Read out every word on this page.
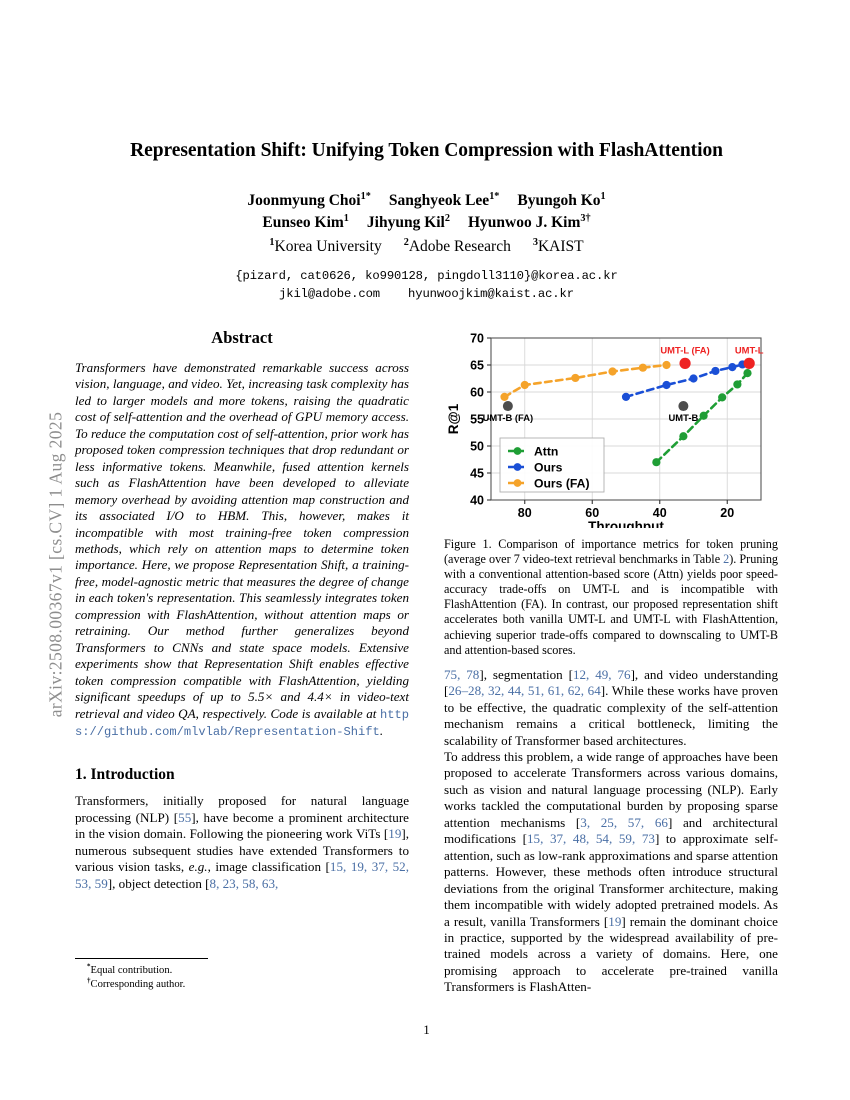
arXiv:2508.00367v1 [cs.CV] 1 Aug 2025
Representation Shift: Unifying Token Compression with FlashAttention
Joonmyung Choi$^{1*}$ Sanghyeok Lee$^{1*}$ Byungoh Ko$^1$
Eunseo Kim$^1$ Jihyung Kil$^2$ Hyunwoo J. Kim$^{3\dagger}$
$^1$Korea University $^2$Adobe Research $^3$KAIST
{pizard, cat0626, ko990128, pingdoll3110}@korea.ac.kr
jkil@adobe.com hyunwoojkim@kaist.ac.kr
Abstract

Transformers have demonstrated remarkable success across vision, language, and video. Yet, increasing task complexity has led to larger models and more tokens, raising the quadratic cost of self-attention and the overhead of GPU memory access. To reduce the computation cost of self-attention, prior work has proposed token compression techniques that drop redundant or less informative tokens. Meanwhile, fused attention kernels such as FlashAttention have been developed to alleviate memory overhead by avoiding attention map construction and its associated I/O to HBM. This, however, makes it incompatible with most training-free token compression methods, which rely on attention maps to determine token importance. Here, we propose Representation Shift, a training-free, model-agnostic metric that measures the degree of change in each token's representation. This seamlessly integrates token compression with FlashAttention, without attention maps or retraining. Our method further generalizes beyond Transformers to CNNs and state space models. Extensive experiments show that Representation Shift enables effective token compression compatible with FlashAttention, yielding significant speedups of up to 5.5× and 4.4× in video-text retrieval and video QA, respectively. Code is available at https://github.com/mlvlab/Representation-Shift.

1. Introduction

Transformers, initially proposed for natural language processing (NLP) [55], have become a prominent architecture in the vision domain. Following the pioneering work ViTs [19], numerous subsequent studies have extended Transformers to various vision tasks, e.g., image classification [15, 19, 37, 52, 53, 59], object detection [8, 23, 58, 63,

40
45
50
55
60
65
70
80	60	40	20
Throughput
R@1 UMT-B (FA)	UMT-B
UMT-L (FA)	UMT-L
Attn
Ours
Ours (FA)
Figure 1. Comparison of importance metrics for token pruning (average over 7 video-text retrieval benchmarks in Table 2). Pruning with a conventional attention-based score (Attn) yields poor speed-accuracy trade-offs on UMT-L and is incompatible with FlashAttention (FA). In contrast, our proposed representation shift accelerates both vanilla UMT-L and UMT-L with FlashAttention, achieving superior trade-offs compared to downscaling to UMT-B and attention-based scores.

75, 78], segmentation [12, 49, 76], and video understanding [26–28, 32, 44, 51, 61, 62, 64]. While these works have proven to be effective, the quadratic complexity of the self-attention mechanism remains a critical bottleneck, limiting the scalability of Transformer based architectures.

To address this problem, a wide range of approaches have been proposed to accelerate Transformers across various domains, such as vision and natural language processing (NLP). Early works tackled the computational burden by proposing sparse attention mechanisms [3, 25, 57, 66] and architectural modifications [15, 37, 48, 54, 59, 73] to approximate self-attention, such as low-rank approximations and sparse attention patterns. However, these methods often introduce structural deviations from the original Transformer architecture, making them incompatible with widely adopted pretrained models. As a result, vanilla Transformers [19] remain the dominant choice in practice, supported by the widespread availability of pre-trained models across a variety of domains. Here, one promising approach to accelerate pre-trained vanilla Transformers is FlashAtten-

*Equal contribution.
†Corresponding author.
1
